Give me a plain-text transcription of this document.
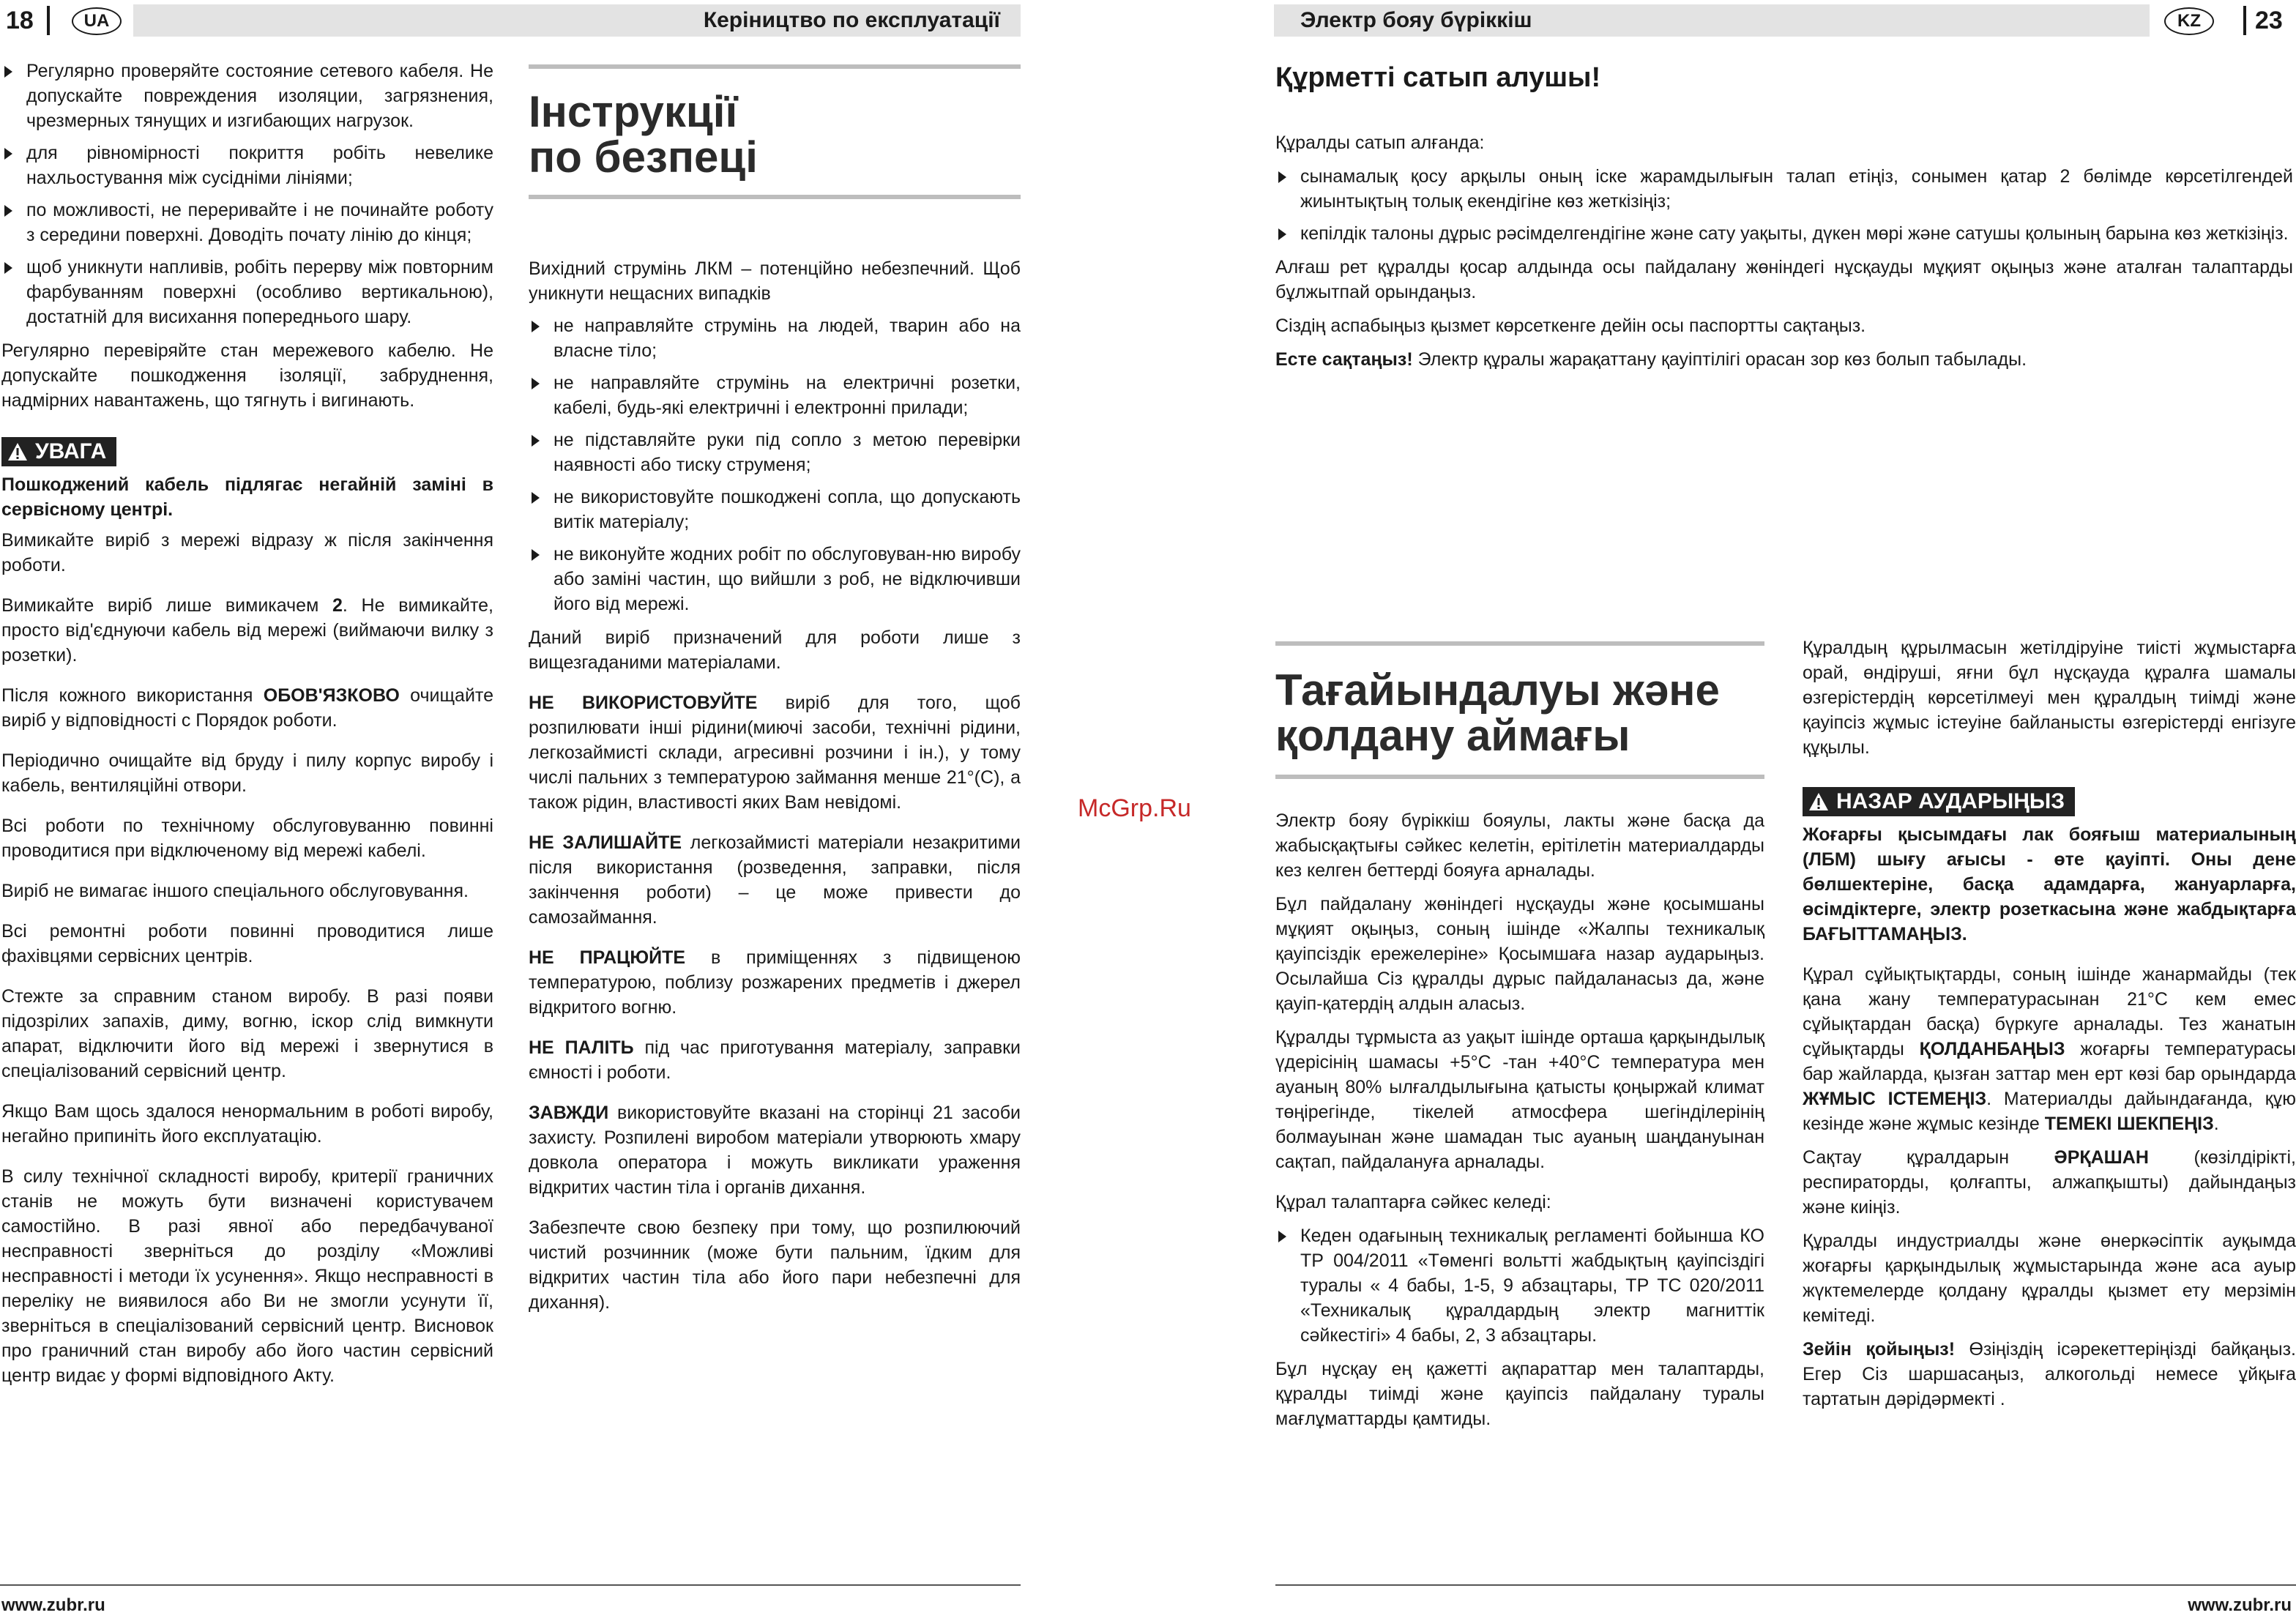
18	UA	Керіництво по експлуатації
Регулярно проверяйте состояние сетевого кабеля. Не допускайте повреждения изоляции, загрязнения, чрезмерных тянущих и изгибающих нагрузок.
для рівномірності покриття робіть невелике нахльостування між сусідніми лініями;
по можливості, не переривайте і не починайте роботу з середини поверхні. Доводіть почату лінію до кінця;
щоб уникнути напливів, робіть перерву між повторним фарбуванням поверхні (особливо вертикальною), достатній для висихання попереднього шару.

Регулярно перевіряйте стан мережевого кабелю. Не допускайте пошкодження ізоляції, забруднення, надмірних навантажень, що тягнуть і вигинають.

УВАГА

Пошкоджений кабель підлягає негайній заміні в сервісному центрі.

Вимикайте виріб з мережі відразу ж після закінчення роботи.

Вимикайте виріб лише вимикачем 2. Не вимикайте, просто від'єднуючи кабель від мережі (виймаючи вилку з розетки).

Після кожного використання ОБОВ'ЯЗКОВО очищайте виріб у відповідності с Порядок роботи.

Періодично очищайте від бруду і пилу корпус виробу і кабель, вентиляційні отвори.

Всі роботи по технічному обслуговуванню повинні проводитися при відключеному від мережі кабелі.

Виріб не вимагає іншого спеціального обслуговування.

Всі ремонтні роботи повинні проводитися лише фахівцями сервісних центрів.

Стежте за справним станом виробу. В разі появи підозрілих запахів, диму, вогню, іскор слід вимкнути апарат, відключити його від мережі і звернутися в спеціалізований сервісний центр.

Якщо Вам щось здалося ненормальним в роботі виробу, негайно припиніть його експлуатацію.

В силу технічної складності виробу, критерії граничних станів не можуть бути визначені користувачем самостійно. В разі явної або передбачуваної несправності зверніться до розділу «Можливі несправності і методи їх усунення». Якщо несправності в переліку не виявилося або Ви не змогли усунути її, зверніться в спеціалізований сервісний центр. Висновок про граничний стан виробу або його частин сервісний центр видає у формі відповідного Акту.

Інструкції
по безпеці

Вихідний струмінь ЛКМ – потенційно небезпечний. Щоб уникнути нещасних випадків

не направляйте струмінь на людей, тварин або на власне тіло;
не направляйте струмінь на електричні розетки, кабелі, будь-які електричні і електронні прилади;
не підставляйте руки під сопло з метою перевірки наявності або тиску струменя;
не використовуйте пошкоджені сопла, що допускають витік матеріалу;
не виконуйте жодних робіт по обслуговуван-ню виробу або заміні частин, що вийшли з роб, не відключивши його від мережі.

Даний виріб призначений для роботи лише з вищезгаданими матеріалами.

НЕ ВИКОРИСТОВУЙТЕ виріб для того, щоб розпилювати інші рідини(миючі засоби, технічні рідини, легкозаймисті склади, агресивні розчини і ін.), у тому числі пальних з температурою займання менше 21°(С), а також рідин, властивості яких Вам невідомі.

НЕ ЗАЛИШАЙТЕ легкозаймисті матеріали незакритими після використання (розведення, заправки, після закінчення роботи) – це може привести до самозаймання.

НЕ ПРАЦЮЙТЕ в приміщеннях з підвищеною температурою, поблизу розжарених предметів і джерел відкритого вогню.

НЕ ПАЛІТЬ під час приготування матеріалу, заправки ємності і роботи.

ЗАВЖДИ використовуйте вказані на сторінці 21 засоби захисту. Розпилені виробом матеріали утворюють хмару довкола оператора і можуть викликати ураження відкритих частин тіла і органів дихання.

Забезпечте свою безпеку при тому, що розпилюючий чистий розчинник (може бути пальним, їдким для відкритих частин тіла або його пари небезпечні для дихання).

www.zubr.ru
McGrp.Ru
Электр бояу бүріккіш	KZ	23
Құрметті сатып алушы!

Құралды сатып алғанда:

сынамалық қосу арқылы оның іске жарамдылығын талап етіңіз, сонымен қатар 2 бөлімде көрсетілгендей жиынтықтың толық екендігіне көз жеткізіңіз;
кепілдік талоны дұрыс рәсімделгендігіне және сату уақыты, дүкен мөрі және сатушы қолының барына көз жеткізіңіз.

Алғаш рет құралды қосар алдында осы пайдалану жөніндегі нұсқауды мұқият оқыңыз және аталған талаптарды бұлжытпай орындаңыз.

Сіздің аспабыңыз қызмет көрсеткенге дейін осы паспортты сақтаңыз.

Есте сақтаңыз! Электр құралы жарақаттану қауіптілігі орасан зор көз болып табылады.

Тағайындалуы және
қолдану аймағы

Электр бояу бүріккіш бояулы, лакты және басқа да жабысқақтығы сәйкес келетін, ерітілетін материалдарды кез келген беттерді бояуға арналады.

Бұл пайдалану жөніндегі нұсқауды және қосымшаны мұқият оқыңыз, соның ішінде «Жалпы техникалық қауіпсіздік ережелеріне» Қосымшаға назар аударыңыз. Осылайша Сіз құралды дұрыс пайдаланасыз да, және қауіп-қатердің алдын аласыз.

Құралды тұрмыста аз уақыт ішінде орташа қарқындылық үдерісінің шамасы +5°С -тан +40°С температура мен ауаның 80% ылғалдылығына қатысты қоңыржай климат төңірегінде, тікелей атмосфера шегінділерінің болмауынан және шамадан тыс ауаның шаңдануынан сақтап, пайдалануға арналады.

Құрал талаптарға сәйкес келеді:

Кеден одағының техникалық регламенті бойынша КО ТР 004/2011 «Төменгі вольтті жабдықтың қауіпсіздігі туралы « 4 бабы, 1-5, 9 абзацтары, ТР ТС 020/2011 «Техникалық құралдардың электр магниттік сәйкестігі» 4 бабы, 2, 3 абзацтары.

Бұл нұсқау ең қажетті ақпараттар мен талаптарды, құралды тиімді және қауіпсіз пайдалану туралы мағлұматтарды қамтиды.

Құралдың құрылмасын жетілдіруіне тиісті жұмыстарға орай, өндіруші, яғни бұл нұсқауда құралға шамалы өзгерістердің көрсетілмеуі мен құралдың тиімді және қауіпсіз жұмыс істеуіне байланысты өзгерістерді енгізуге құқылы.

НАЗАР АУДАРЫҢЫЗ

Жоғарғы қысымдағы лак бояғыш материалының (ЛБМ) шығу ағысы - өте қауіпті. Оны дене бөлшектеріне, басқа адамдарға, жануарларға, өсімдіктерге, электр розеткасына және жабдықтарға БАҒЫТТАМАҢЫЗ.

Құрал сұйықтықтарды, соның ішінде жанармайды (тек қана жану температурасынан 21°С кем емес сұйықтардан басқа) бүркуге арналады. Тез жанатын сұйықтарды ҚОЛДАНБАҢЫЗ жоғарғы температурасы бар жайларда, қызған заттар мен ерт көзі бар орындарда ЖҰМЫС ІСТЕМЕҢІЗ. Материалды дайындағанда, құю кезінде және жұмыс кезінде ТЕМЕКІ ШЕКПЕҢІЗ.

Сақтау құралдарын ӘРҚАШАН (көзілдірікті, респираторды, қолғапты, алжапқышты) дайындаңыз және киіңіз.

Құралды индустриалды және өнеркәсіптік ауқымда жоғарғы қарқындылық жұмыстарында және аса ауыр жүктемелерде қолдану құралды қызмет ету мерзімін кемітеді.

Зейін қойыңыз! Өзіңіздің ісәрекеттеріңізді байқаңыз. Егер Сіз шаршасаңыз, алкогольді немесе ұйқыға тартатын дәрідәрмекті .

www.zubr.ru
